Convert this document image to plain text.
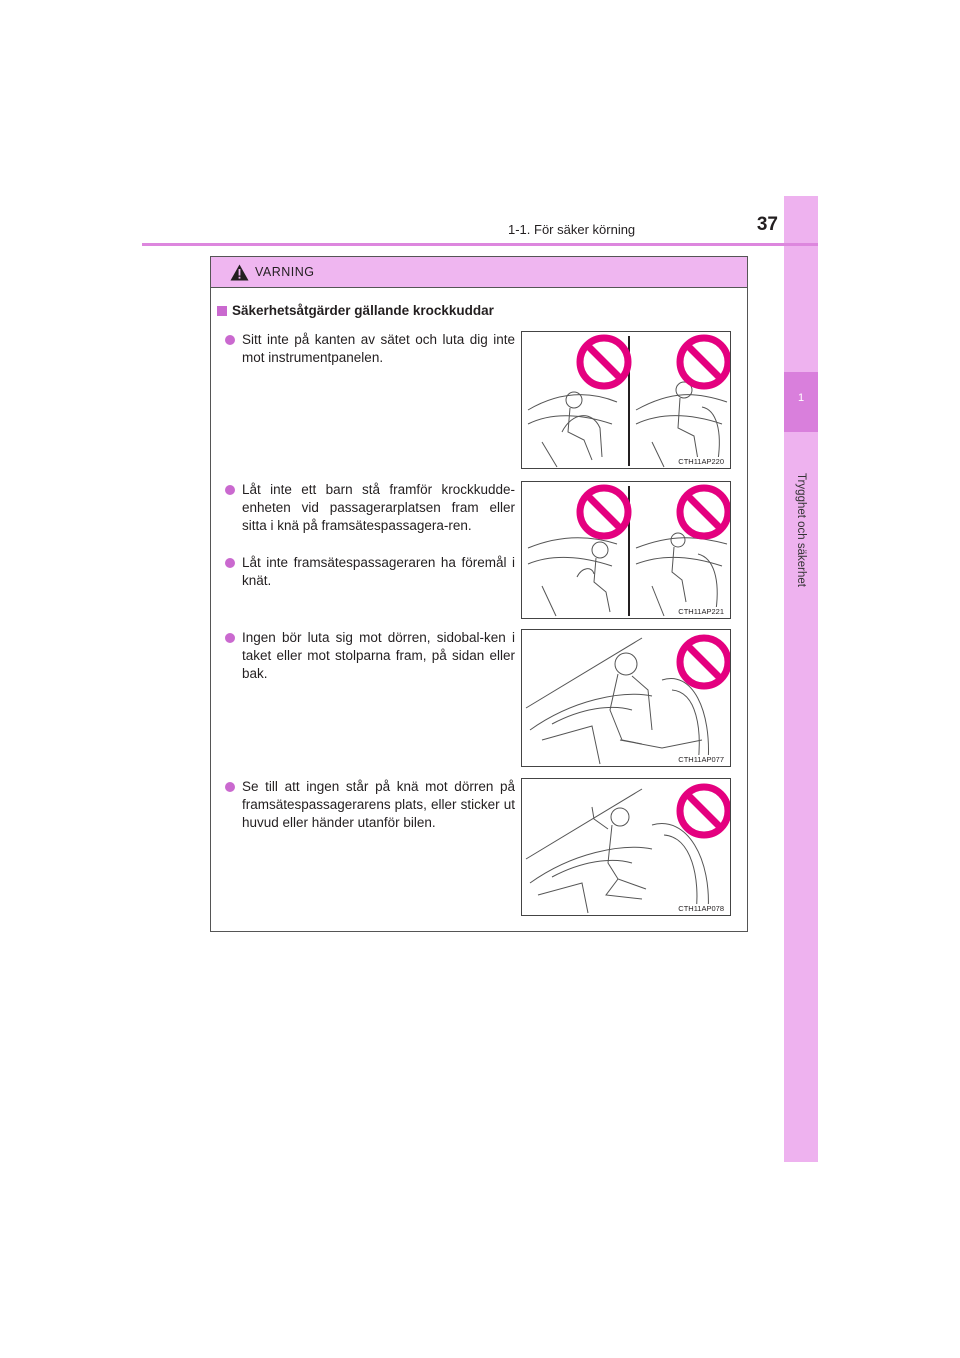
1
Trygghet och säkerhet
1-1. För säker körning	37
VARNING
Säkerhetsåtgärder gällande krockkuddar
Sitt inte på kanten av sätet och luta dig inte mot instrumentpanelen.
Låt inte ett barn stå framför krockkudde-enheten vid passagerarplatsen fram eller sitta i knä på framsätespassagera-ren.
Låt inte framsätespassageraren ha föremål i knät.
Ingen bör luta sig mot dörren, sidobal-ken i taket eller mot stolparna fram, på sidan eller bak.
Se till att ingen står på knä mot dörren på framsätespassagerarens plats, eller sticker ut huvud eller händer utanför bilen.
CTH11AP220
CTH11AP221
CTH11AP077
CTH11AP078
